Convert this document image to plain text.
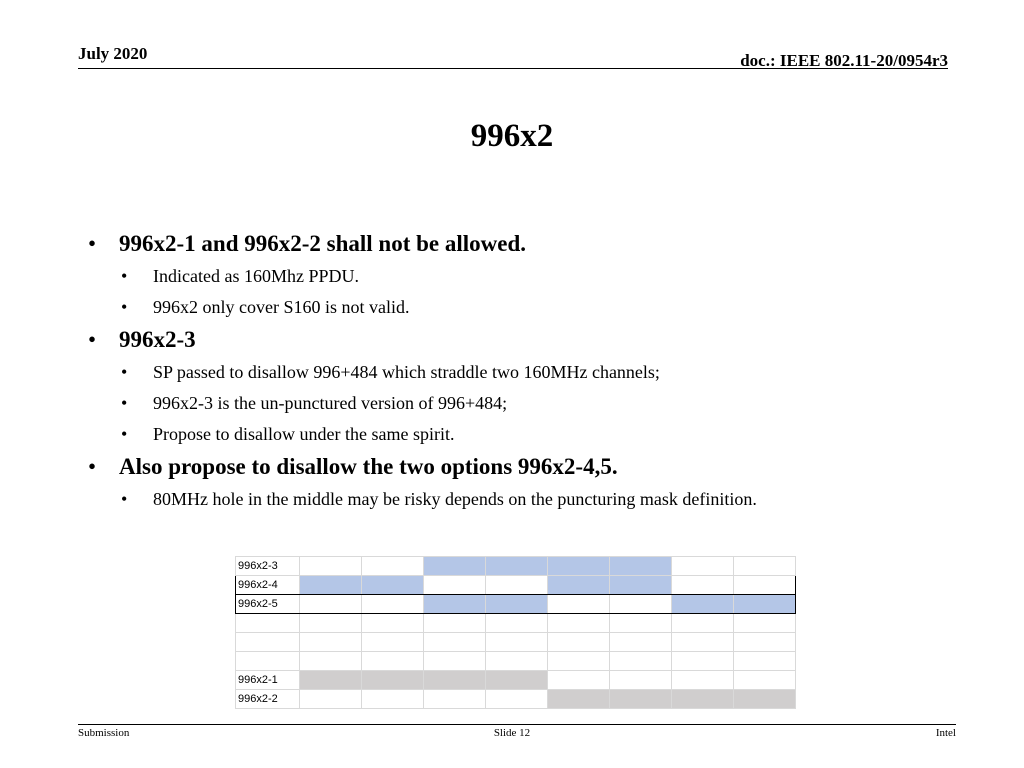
July 2020	doc.: IEEE 802.11-20/0954r3
996x2
• 996x2-1 and 996x2-2 shall not be allowed.
• Indicated as 160Mhz PPDU.
• 996x2 only cover S160 is not valid.
• 996x2-3
• SP passed to disallow 996+484 which straddle two 160MHz channels;
• 996x2-3 is the un-punctured version of 996+484;
• Propose to disallow under the same spirit.
• Also propose to disallow the two options 996x2-4,5.
• 80MHz hole in the middle may be risky depends on the puncturing mask definition.
996x2-3								
996x2-4								
996x2-5								

996x2-1								
996x2-2								
Submission	Slide 12	Intel
